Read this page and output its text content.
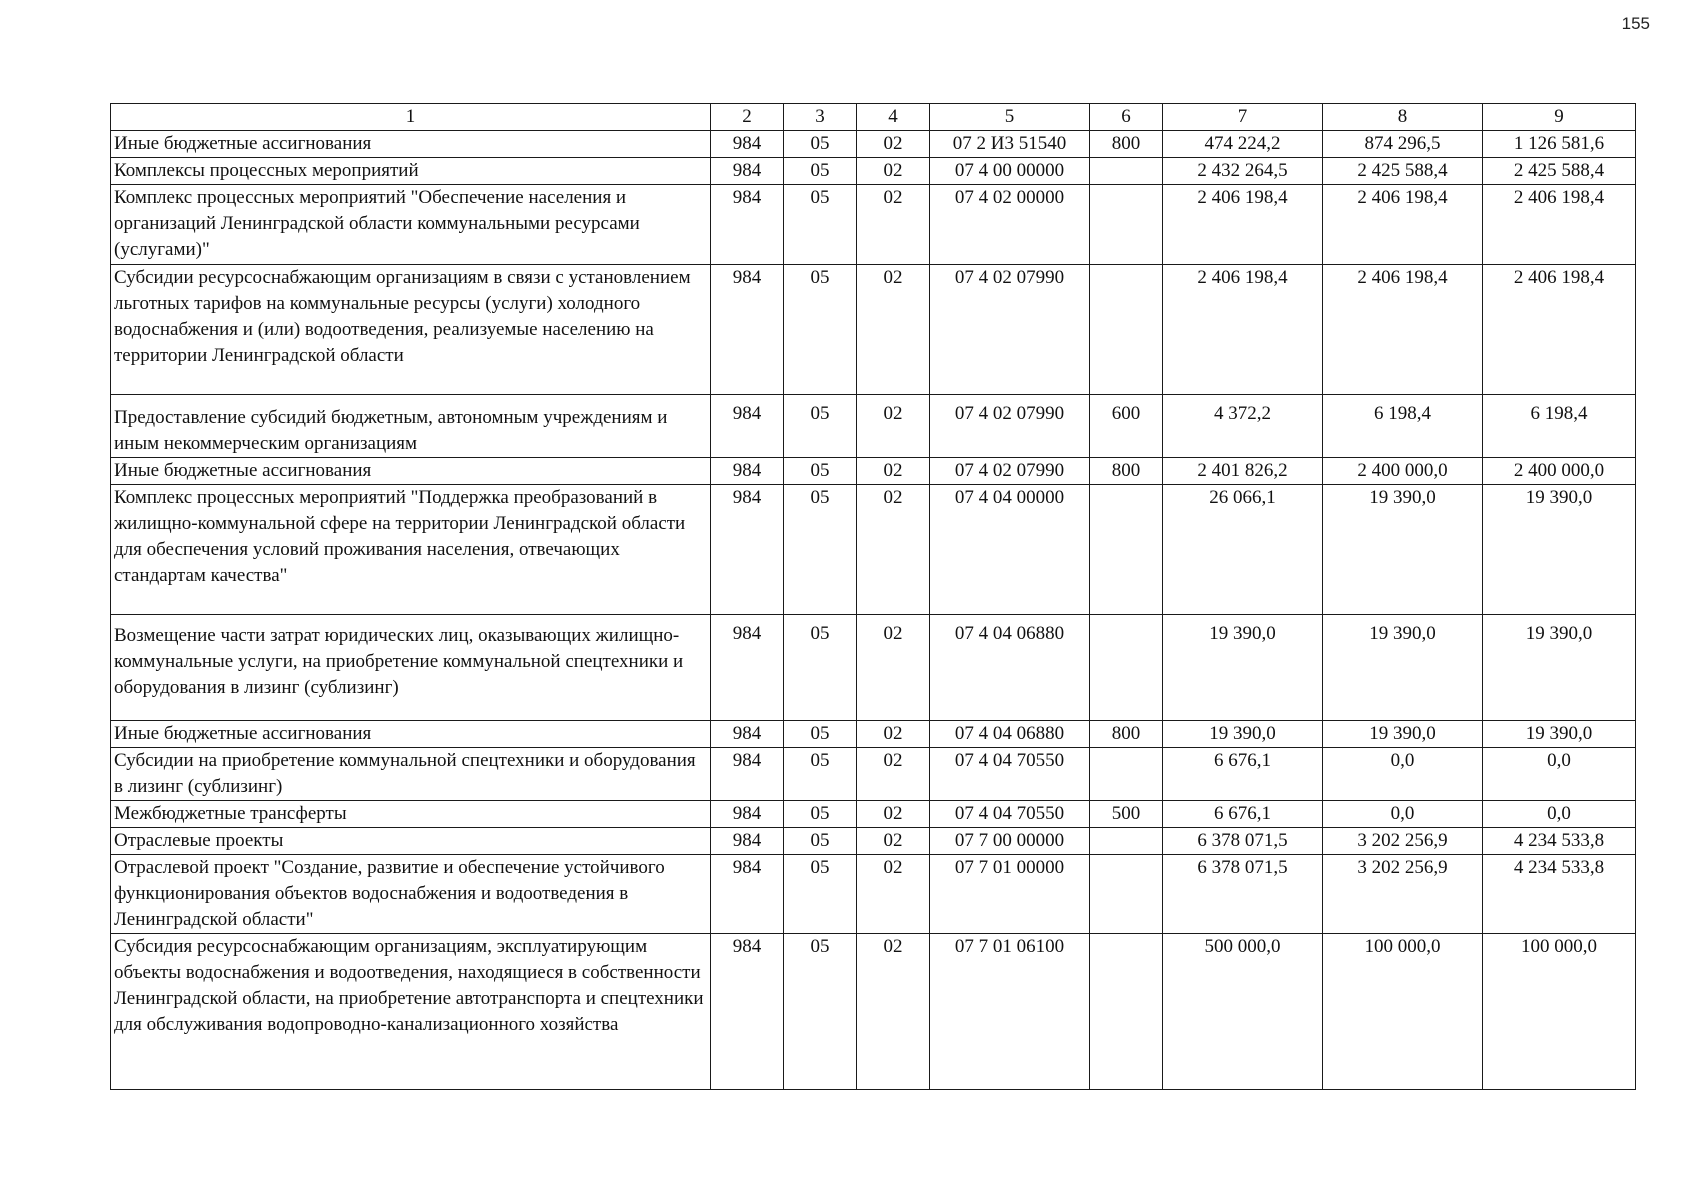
155
1	2	3	4	5	6	7	8	9
Иные бюджетные ассигнования	984	05	02	07 2 И3 51540	800	474 224,2	874 296,5	1 126 581,6
Комплексы процессных мероприятий	984	05	02	07 4 00 00000		2 432 264,5	2 425 588,4	2 425 588,4
Комплекс процессных мероприятий "Обеспечение населения и организаций Ленинградской области коммунальными ресурсами (услугами)"	984	05	02	07 4 02 00000		2 406 198,4	2 406 198,4	2 406 198,4
Субсидии ресурсоснабжающим организациям в связи с установлением льготных тарифов на коммунальные ресурсы (услуги) холодного водоснабжения и (или) водоотведения, реализуемые населению на территории Ленинградской области	984	05	02	07 4 02 07990		2 406 198,4	2 406 198,4	2 406 198,4
Предоставление субсидий бюджетным, автономным учреждениям и иным некоммерческим организациям	984	05	02	07 4 02 07990	600	4 372,2	6 198,4	6 198,4
Иные бюджетные ассигнования	984	05	02	07 4 02 07990	800	2 401 826,2	2 400 000,0	2 400 000,0
Комплекс процессных мероприятий "Поддержка преобразований в жилищно-коммунальной сфере на территории Ленинградской области для обеспечения условий проживания населения, отвечающих стандартам качества"	984	05	02	07 4 04 00000		26 066,1	19 390,0	19 390,0
Возмещение части затрат юридических лиц, оказывающих жилищно-коммунальные услуги, на приобретение коммунальной спецтехники и оборудования в лизинг (сублизинг)	984	05	02	07 4 04 06880		19 390,0	19 390,0	19 390,0
Иные бюджетные ассигнования	984	05	02	07 4 04 06880	800	19 390,0	19 390,0	19 390,0
Субсидии на приобретение коммунальной спецтехники и оборудования в лизинг (сублизинг)	984	05	02	07 4 04 70550		6 676,1	0,0	0,0
Межбюджетные трансферты	984	05	02	07 4 04 70550	500	6 676,1	0,0	0,0
Отраслевые проекты	984	05	02	07 7 00 00000		6 378 071,5	3 202 256,9	4 234 533,8
Отраслевой проект "Создание, развитие и обеспечение устойчивого функционирования объектов водоснабжения и водоотведения в Ленинградской области"	984	05	02	07 7 01 00000		6 378 071,5	3 202 256,9	4 234 533,8
Субсидия ресурсоснабжающим организациям, эксплуатирующим объекты водоснабжения и водоотведения, находящиеся в собственности Ленинградской области, на приобретение автотранспорта и спецтехники для обслуживания водопроводно-канализационного хозяйства	984	05	02	07 7 01 06100		500 000,0	100 000,0	100 000,0
